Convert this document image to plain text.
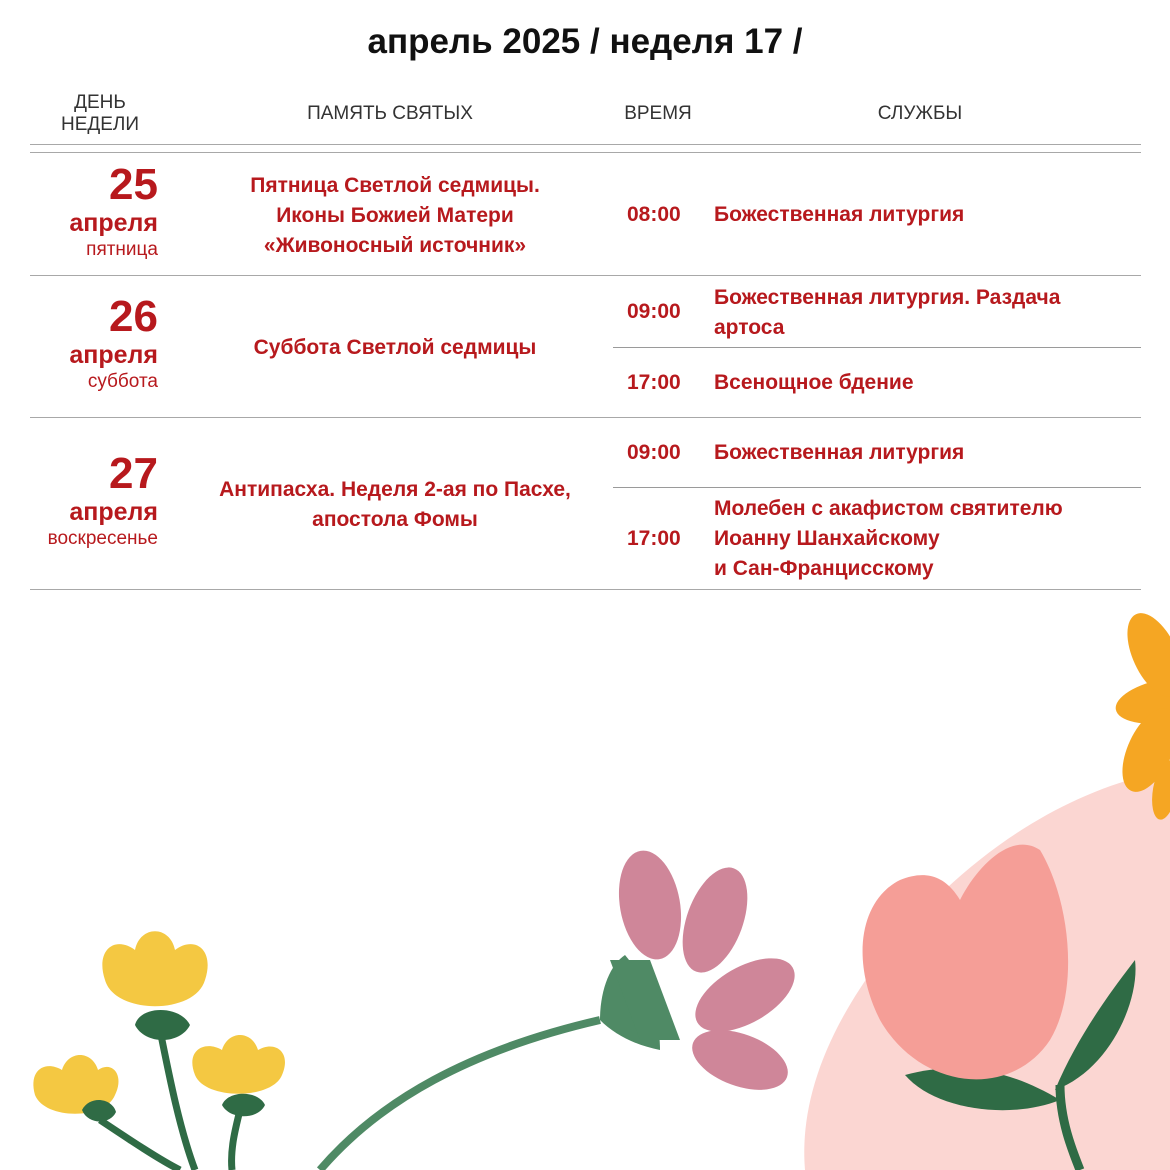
апрель 2025 / неделя 17 /
ДЕНЬ
НЕДЕЛИ
ПАМЯТЬ СВЯТЫХ	ВРЕМЯ	СЛУЖБЫ
25
апреля
пятница
Пятница Светлой седмицы.
Иконы Божией Матери
«Живоносный источник»
08:00 Божественная литургия
26
апреля
суббота
Суббота Светлой седмицы
09:00
Божественная литургия. Раздача
артоса
17:00 Всенощное бдение
27
апреля
воскресенье
Антипасха. Неделя 2-ая по Пасхе,
апостола Фомы
09:00 Божественная литургия
17:00
Молебен с акафистом святителю
Иоанну Шанхайскому
и Сан-Францисскому
